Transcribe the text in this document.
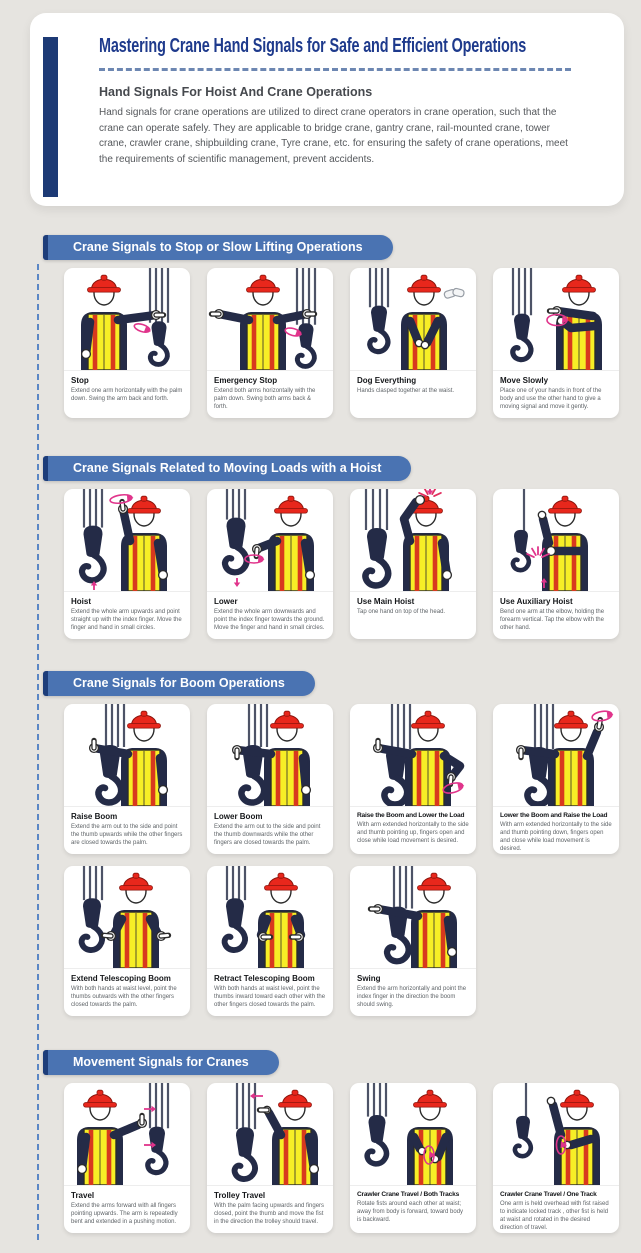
Mastering Crane Hand Signals for Safe and Efficient Operations
Hand Signals For Hoist And Crane Operations

Hand signals for crane operations are utilized to direct crane operators in crane operation, such that the crane can operate safely. They are applicable to bridge crane, gantry crane, rail-mounted crane, tower crane, crawler crane, shipbuilding crane, Tyre crane, etc. for ensuring the safety of crane operations, meet the requirements of scientific management, prevent accidents.

Crane Signals to Stop or Slow Lifting Operations
Stop
Extend one arm horizontally with the palm down. Swing the arm back and forth.
Emergency Stop
Extend both arms horizontally with the palm down. Swing both arms back & forth.
Dog Everything
Hands clasped together at the waist.
Move Slowly
Place one of your hands in front of the body and use the other hand to give a moving signal and move it gently.
Crane Signals Related to Moving Loads with a Hoist
Hoist
Extend the whole arm upwards and point straight up with the index finger. Move the finger and hand in small circles.
Lower
Extend the whole arm downwards and point the index finger towards the ground. Move the finger and hand in small circles.
Use Main Hoist
Tap one hand on top of the head.
Use Auxiliary Hoist
Bend one arm at the elbow, holding the forearm vertical. Tap the elbow with the other hand.
Crane Signals for Boom Operations
Raise Boom
Extend the arm out to the side and point the thumb upwards while the other fingers are closed towards the palm.
Lower Boom
Extend the arm out to the side and point the thumb downwards while the other fingers are closed towards the palm.
Raise the Boom and Lower the Load
With arm extended horizontally to the side and thumb pointing up, fingers open and close while load movement is desired.
Lower the Boom and Raise the Load
With arm extended horizontally to the side and thumb pointing down, fingers open and close while load movement is desired.
Extend Telescoping Boom
With both hands at waist level, point the thumbs outwards with the other fingers closed towards the palm.
Retract Telescoping Boom
With both hands at waist level, point the thumbs inward toward each other with the other fingers closed towards the palm.
Swing
Extend the arm horizontally and point the index finger in the direction the boom should swing.
Movement Signals for Cranes
Travel
Extend the arms forward with all fingers pointing upwards. The arm is repeatedly bent and extended in a pushing motion.
Trolley Travel
With the palm facing upwards and fingers closed, point the thumb and move the fist in the direction the trolley should travel.
Crawler Crane Travel / Both Tracks
Rotate fists around each other at waist; away from body is forward, toward body is backward.
Crawler Crane Travel / One Track
One arm is held overhead with fist raised to indicate locked track , other fist is held at waist and rotated in the desired direction of travel.
